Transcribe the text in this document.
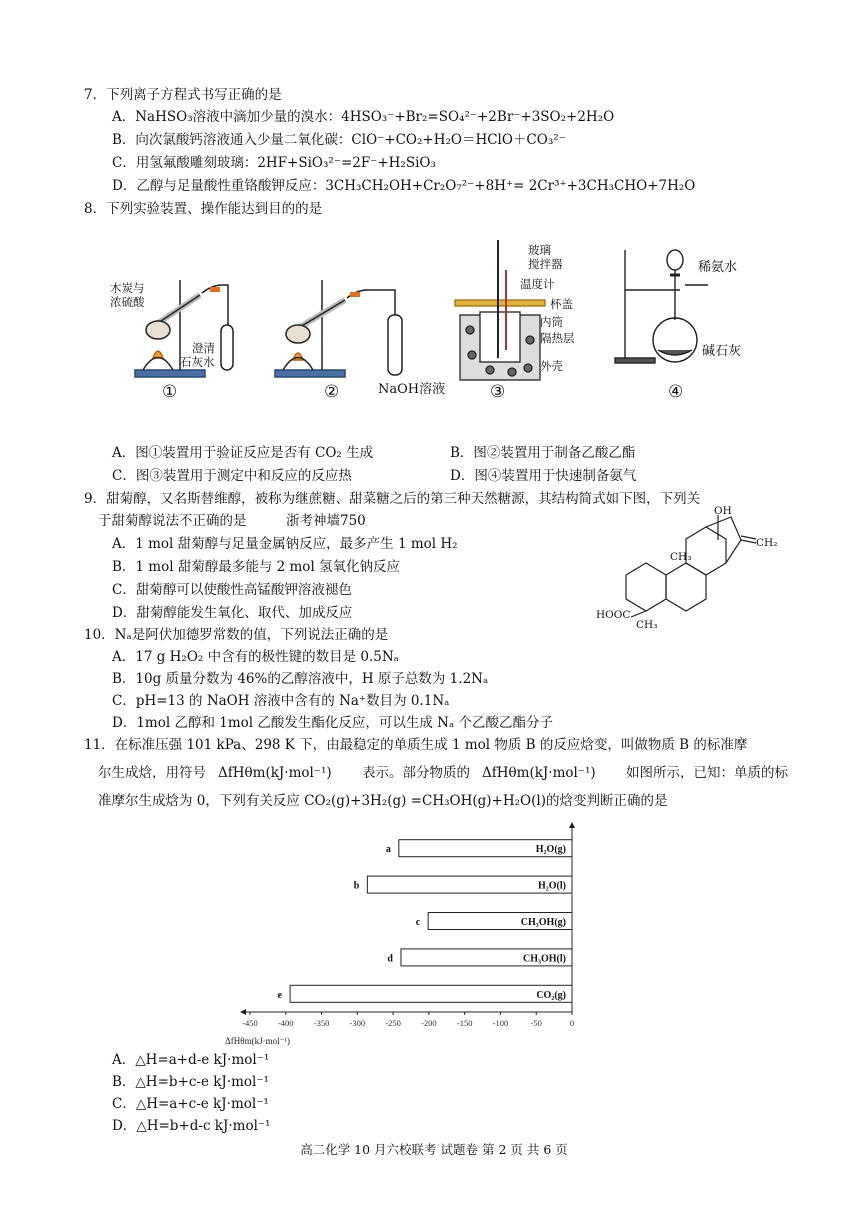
7．下列离子方程式书写正确的是
A．NaHSO₃溶液中滴加少量的溴水：4HSO₃⁻+Br₂=SO₄²⁻+2Br⁻+3SO₂+2H₂O
B．向次氯酸钙溶液通入少量二氧化碳：ClO⁻+CO₂+H₂O＝HClO＋CO₃²⁻
C．用氢氟酸雕刻玻璃：2HF+SiO₃²⁻=2F⁻+H₂SiO₃
D．乙醇与足量酸性重铬酸钾反应：3CH₃CH₂OH+Cr₂O₇²⁻+8H⁺= 2Cr³⁺+3CH₃CHO+7H₂O
8．下列实验装置、操作能达到目的的是
木炭与
浓硫酸
澄清
石灰水
NaOH溶液
玻璃
搅拌器
温度计
杯盖
内筒
隔热层
外壳
稀氨水
碱石灰
①	②	③	④
A．图①装置用于验证反应是否有 CO₂ 生成	B．图②装置用于制备乙酸乙酯
C．图③装置用于测定中和反应的反应热	D．图④装置用于快速制备氨气
9．甜菊醇，又名斯替维醇，被称为继蔗糖、甜菜糖之后的第三种天然糖源，其结构简式如下图，下列关
于甜菊醇说法不正确的是	浙考神墙750
A．1 mol 甜菊醇与足量金属钠反应，最多产生 1 mol H₂
B．1 mol 甜菊醇最多能与 2 mol 氢氧化钠反应
C．甜菊醇可以使酸性高锰酸钾溶液褪色
D．甜菊醇能发生氧化、取代、加成反应
OH
CH₂
CH₃
HOOC
CH₃
10．Nₐ是阿伏加德罗常数的值，下列说法正确的是
A．17 g H₂O₂ 中含有的极性键的数目是 0.5Nₐ
B．10g 质量分数为 46%的乙醇溶液中，H 原子总数为 1.2Nₐ
C．pH=13 的 NaOH 溶液中含有的 Na⁺数目为 0.1Nₐ
D．1mol 乙醇和 1mol 乙酸发生酯化反应，可以生成 Nₐ 个乙酸乙酯分子
11．在标准压强 101 kPa、298 K 下，由最稳定的单质生成 1 mol 物质 B 的反应焓变，叫做物质 B 的标准摩
尔生成焓，用符号 ΔfHθm(kJ·mol⁻¹) 表示。部分物质的 ΔfHθm(kJ·mol⁻¹) 如图所示，已知：单质的标
准摩尔生成焓为 0，下列有关反应 CO₂(g)+3H₂(g) =CH₃OH(g)+H₂O(l)的焓变判断正确的是
-450 -400 -350 -300 -250 -200 -150 -100	-50	0
H₂O(g)
a
H₂O(l)
b
CH₃OH(g)
c
CH₃OH(l)
d
CO₂(g)
e
ΔfHθm(kJ·mol⁻¹)
A．△H=a+d-e kJ·mol⁻¹
B．△H=b+c-e kJ·mol⁻¹
C．△H=a+c-e kJ·mol⁻¹
D．△H=b+d-c kJ·mol⁻¹
高二化学 10 月六校联考 试题卷 第 2 页 共 6 页
